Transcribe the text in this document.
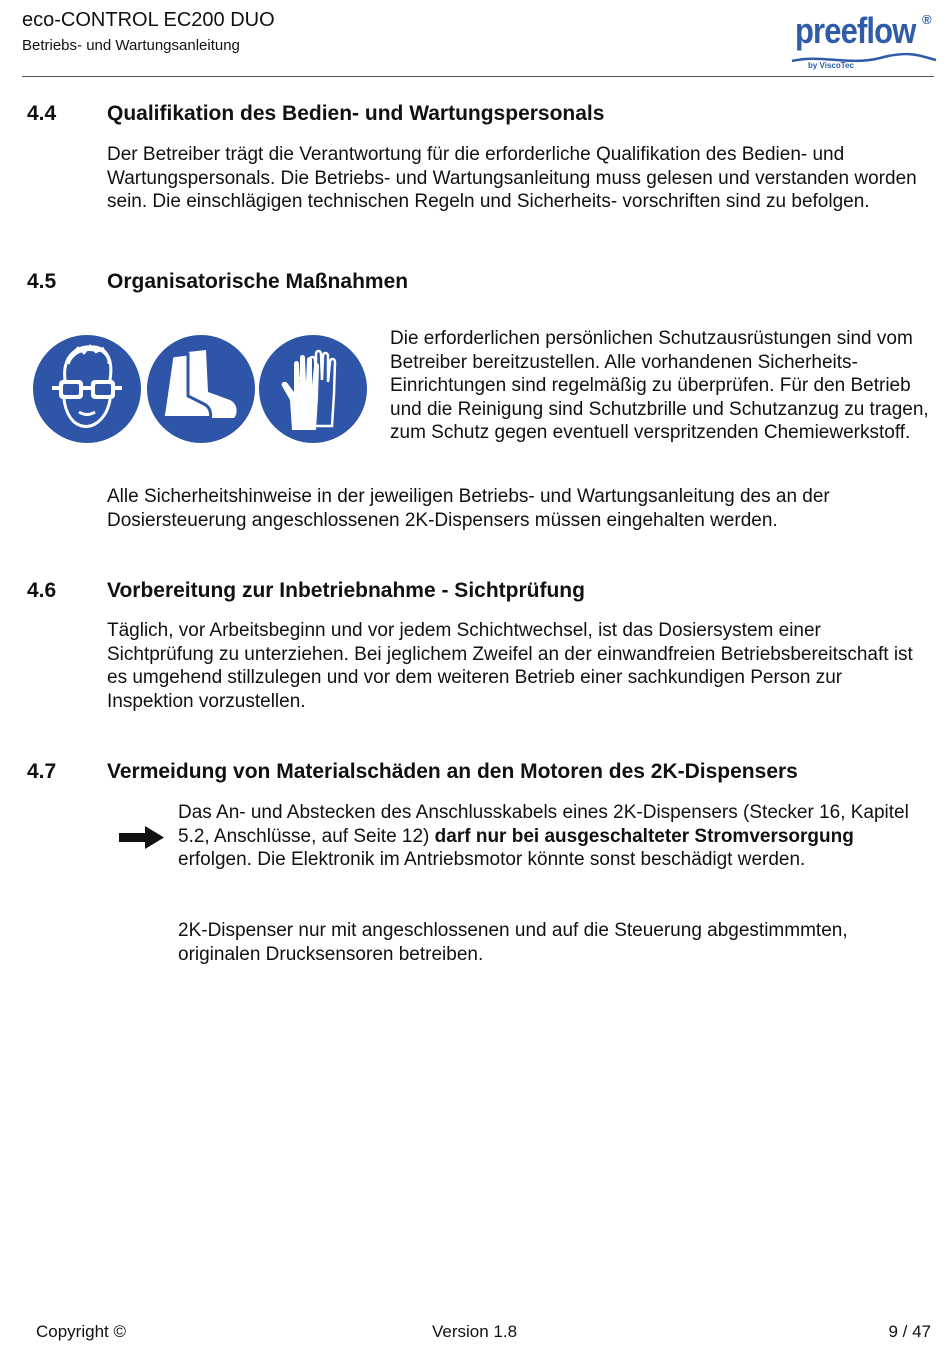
eco-CONTROL EC200 DUO
Betriebs- und Wartungsanleitung	preeflow ®
by ViscoTec
4.4 Qualifikation des Bedien- und Wartungspersonals
Der Betreiber trägt die Verantwortung für die erforderliche Qualifikation des Bedien- und Wartungspersonals. Die Betriebs- und Wartungsanleitung muss gelesen und verstanden worden sein. Die einschlägigen technischen Regeln und Sicherheits- vorschriften sind zu befolgen.
4.5 Organisatorische Maßnahmen
Die erforderlichen persönlichen Schutzausrüstungen sind vom Betreiber bereitzustellen. Alle vorhandenen Sicherheits-Einrichtungen sind regelmäßig zu überprüfen. Für den Betrieb und die Reinigung sind Schutzbrille und Schutzanzug zu tragen, zum Schutz gegen eventuell verspritzenden Chemiewerkstoff.
Alle Sicherheitshinweise in der jeweiligen Betriebs- und Wartungsanleitung des an der Dosiersteuerung angeschlossenen 2K-Dispensers müssen eingehalten werden.
4.6 Vorbereitung zur Inbetriebnahme - Sichtprüfung
Täglich, vor Arbeitsbeginn und vor jedem Schichtwechsel, ist das Dosiersystem einer Sichtprüfung zu unterziehen. Bei jeglichem Zweifel an der einwandfreien Betriebsbereitschaft ist es umgehend stillzulegen und vor dem weiteren Betrieb einer sachkundigen Person zur Inspektion vorzustellen.
4.7 Vermeidung von Materialschäden an den Motoren des 2K-Dispensers
Das An- und Abstecken des Anschlusskabels eines 2K-Dispensers (Stecker 16, Kapitel 5.2, Anschlüsse, auf Seite 12) darf nur bei ausgeschalteter Stromversorgung erfolgen. Die Elektronik im Antriebsmotor könnte sonst beschädigt werden.
2K-Dispenser nur mit angeschlossenen und auf die Steuerung abgestimmmten, originalen Drucksensoren betreiben.
Copyright ©	Version 1.8	9 / 47
